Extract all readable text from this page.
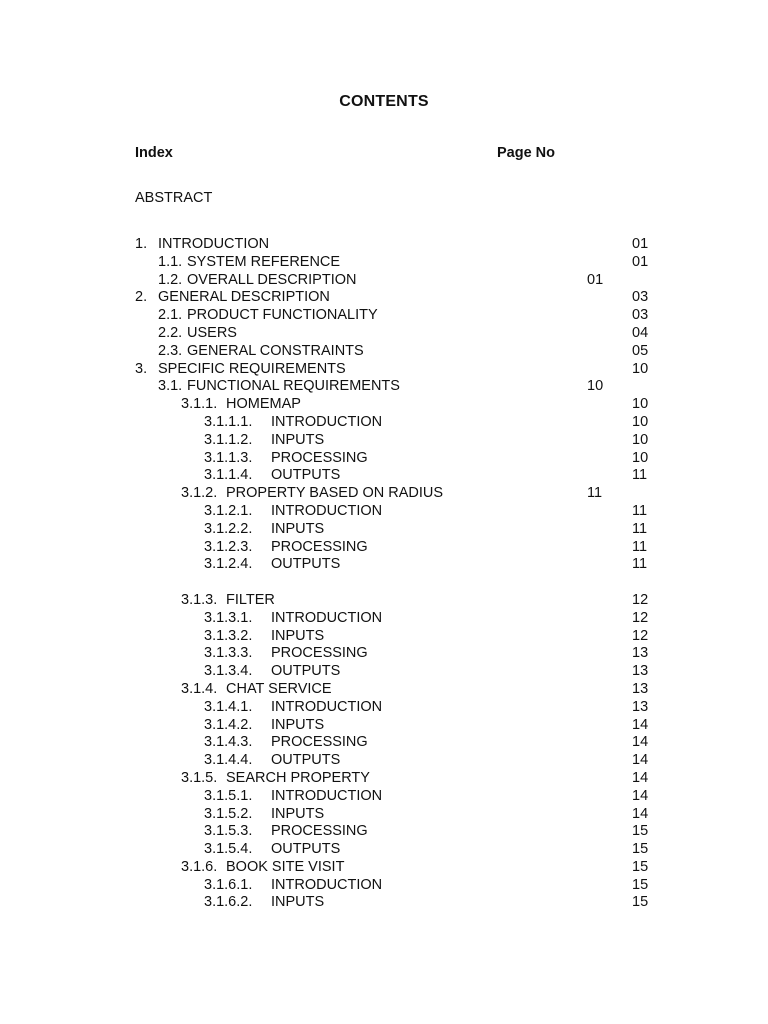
CONTENTS
Index	Page No
ABSTRACT
1. INTRODUCTION	01
1.1. SYSTEM REFERENCE	01
1.2. OVERALL DESCRIPTION	01
2. GENERAL DESCRIPTION	03
2.1. PRODUCT FUNCTIONALITY	03
2.2. USERS	04
2.3. GENERAL CONSTRAINTS	05
3. SPECIFIC REQUIREMENTS	10
3.1. FUNCTIONAL REQUIREMENTS	10
3.1.1. HOMEMAP	10
3.1.1.1. INTRODUCTION	10
3.1.1.2. INPUTS	10
3.1.1.3. PROCESSING	10
3.1.1.4. OUTPUTS	11
3.1.2. PROPERTY BASED ON RADIUS	11
3.1.2.1. INTRODUCTION	11
3.1.2.2. INPUTS	11
3.1.2.3. PROCESSING	11
3.1.2.4. OUTPUTS	11
3.1.3. FILTER	12
3.1.3.1. INTRODUCTION	12
3.1.3.2. INPUTS	12
3.1.3.3. PROCESSING	13
3.1.3.4. OUTPUTS	13
3.1.4. CHAT SERVICE	13
3.1.4.1. INTRODUCTION	13
3.1.4.2. INPUTS	14
3.1.4.3. PROCESSING	14
3.1.4.4. OUTPUTS	14
3.1.5. SEARCH PROPERTY	14
3.1.5.1. INTRODUCTION	14
3.1.5.2. INPUTS	14
3.1.5.3. PROCESSING	15
3.1.5.4. OUTPUTS	15
3.1.6. BOOK SITE VISIT	15
3.1.6.1. INTRODUCTION	15
3.1.6.2. INPUTS	15
